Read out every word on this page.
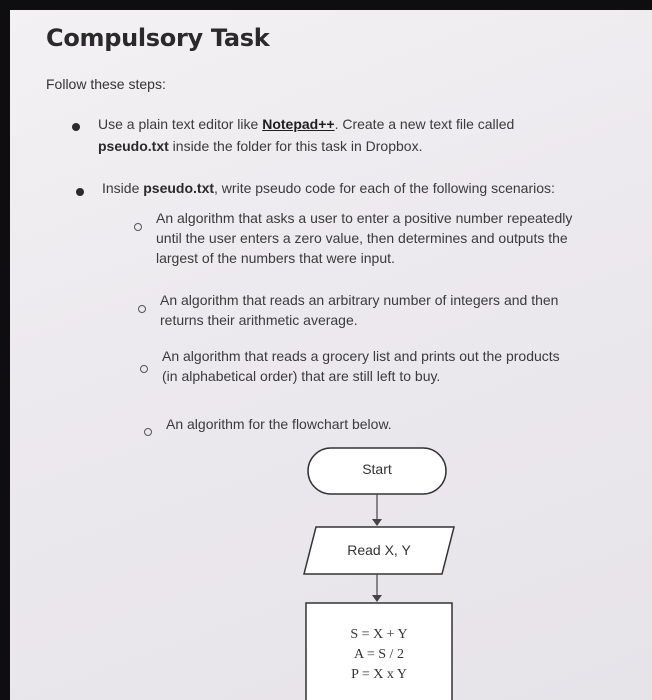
Compulsory Task
Follow these steps:
Use a plain text editor like Notepad++. Create a new text file called
pseudo.txt inside the folder for this task in Dropbox.
Inside pseudo.txt, write pseudo code for each of the following scenarios:
An algorithm that asks a user to enter a positive number repeatedly
until the user enters a zero value, then determines and outputs the
largest of the numbers that were input.
An algorithm that reads an arbitrary number of integers and then
returns their arithmetic average.
An algorithm that reads a grocery list and prints out the products
(in alphabetical order) that are still left to buy.
An algorithm for the flowchart below.
Start
Read X, Y
S = X + Y
A = S / 2
P = X x Y
